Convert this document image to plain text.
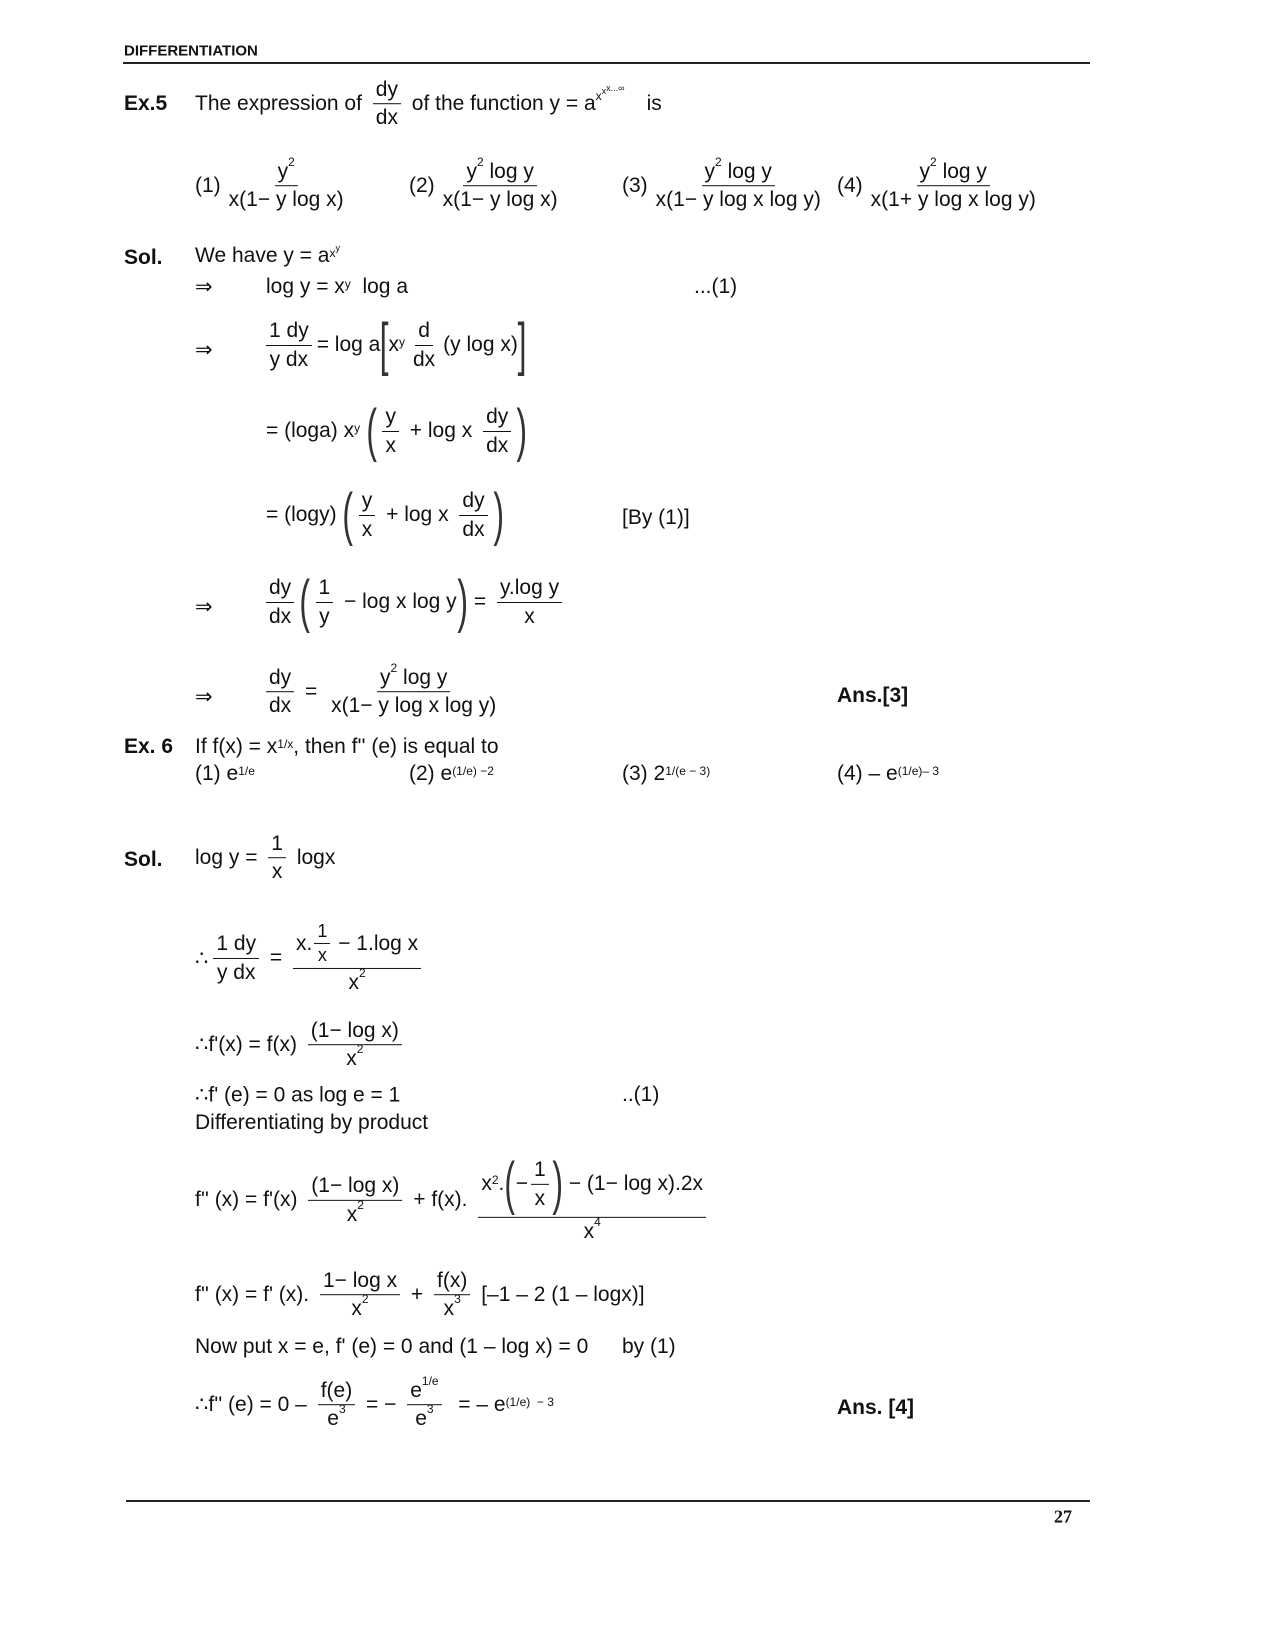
DIFFERENTIATION
Ex.5 The expression of $\frac{dy}{dx}$ of the function $y = a^{x^{x^{x...\infty}}}$
is
(1)
$y^2$
x(1− y log x)
(2)
$y^2$ log y
x(1− y log x)
(3)
$y^2$ log y
x(1− y log x log y)
(4)
$y^2$ log y
x(1+ y log x log y)
Sol. We have y = a $^{x^y}$
⇒	$\log y = x^y$ log a	...(1)
⇒	$\frac{1 dy}{\text{y dx}} = \log a$ [ $x^y$ d
dx
(y log x) ]
= (loga) $x^y$ ( y
x
+ log x
dy
dx )
= (logy) ( y
x
+ log x
dy
dx )	[By (1)]
⇒
dy
dx ( 1
y
− log x log y ) = $\frac{\text{y.log y}}{x}$
⇒	$\frac{dy}{dx} = \frac{y^2 \log y}{\text{x(1− y log x log y)}}$	Ans.[3]
Ex. 6 If $f(x) = x^{1/x}$ , then f'' (e) is equal to
(1) $e^{1/e}$	(2) $e^{(1/e) -2}$	(3) $2^{1/(e - 3)}$	$(4) - e^{(1/e)- 3}$
Sol. $\log y = \frac{1}{x}$ logx
∴ $\frac{1 dy}{\text{y dx}} = x$.
1
x
− 1.log x
$x^2$
∴f'(x) = f(x)
(1− log x)
$x^2$
∴f' (e) = 0 as log e = 1	..(1)
Differentiating by product
f'' (x) = f'(x)
(1− log x)
$x^2 + f(x)$.
$x^2$ . ( − $\frac{1}{x}$ ) − (1− log x).2x
$x^4$
f'' (x) = f' (x).
1− log x
$x^2 + \frac{f(x)}{x^3} [-1 - 2$ (1 – logx)]
Now put x = e, f' (e) = 0 and (1 – log x) = 0 by (1)
∴f'' $(e) = 0 - \frac{f(e)}{e^3}$ = − $\frac{e^{1/e}}{e^3}$ = – $e^{(1/e) - 3}$	Ans. [4]
27
